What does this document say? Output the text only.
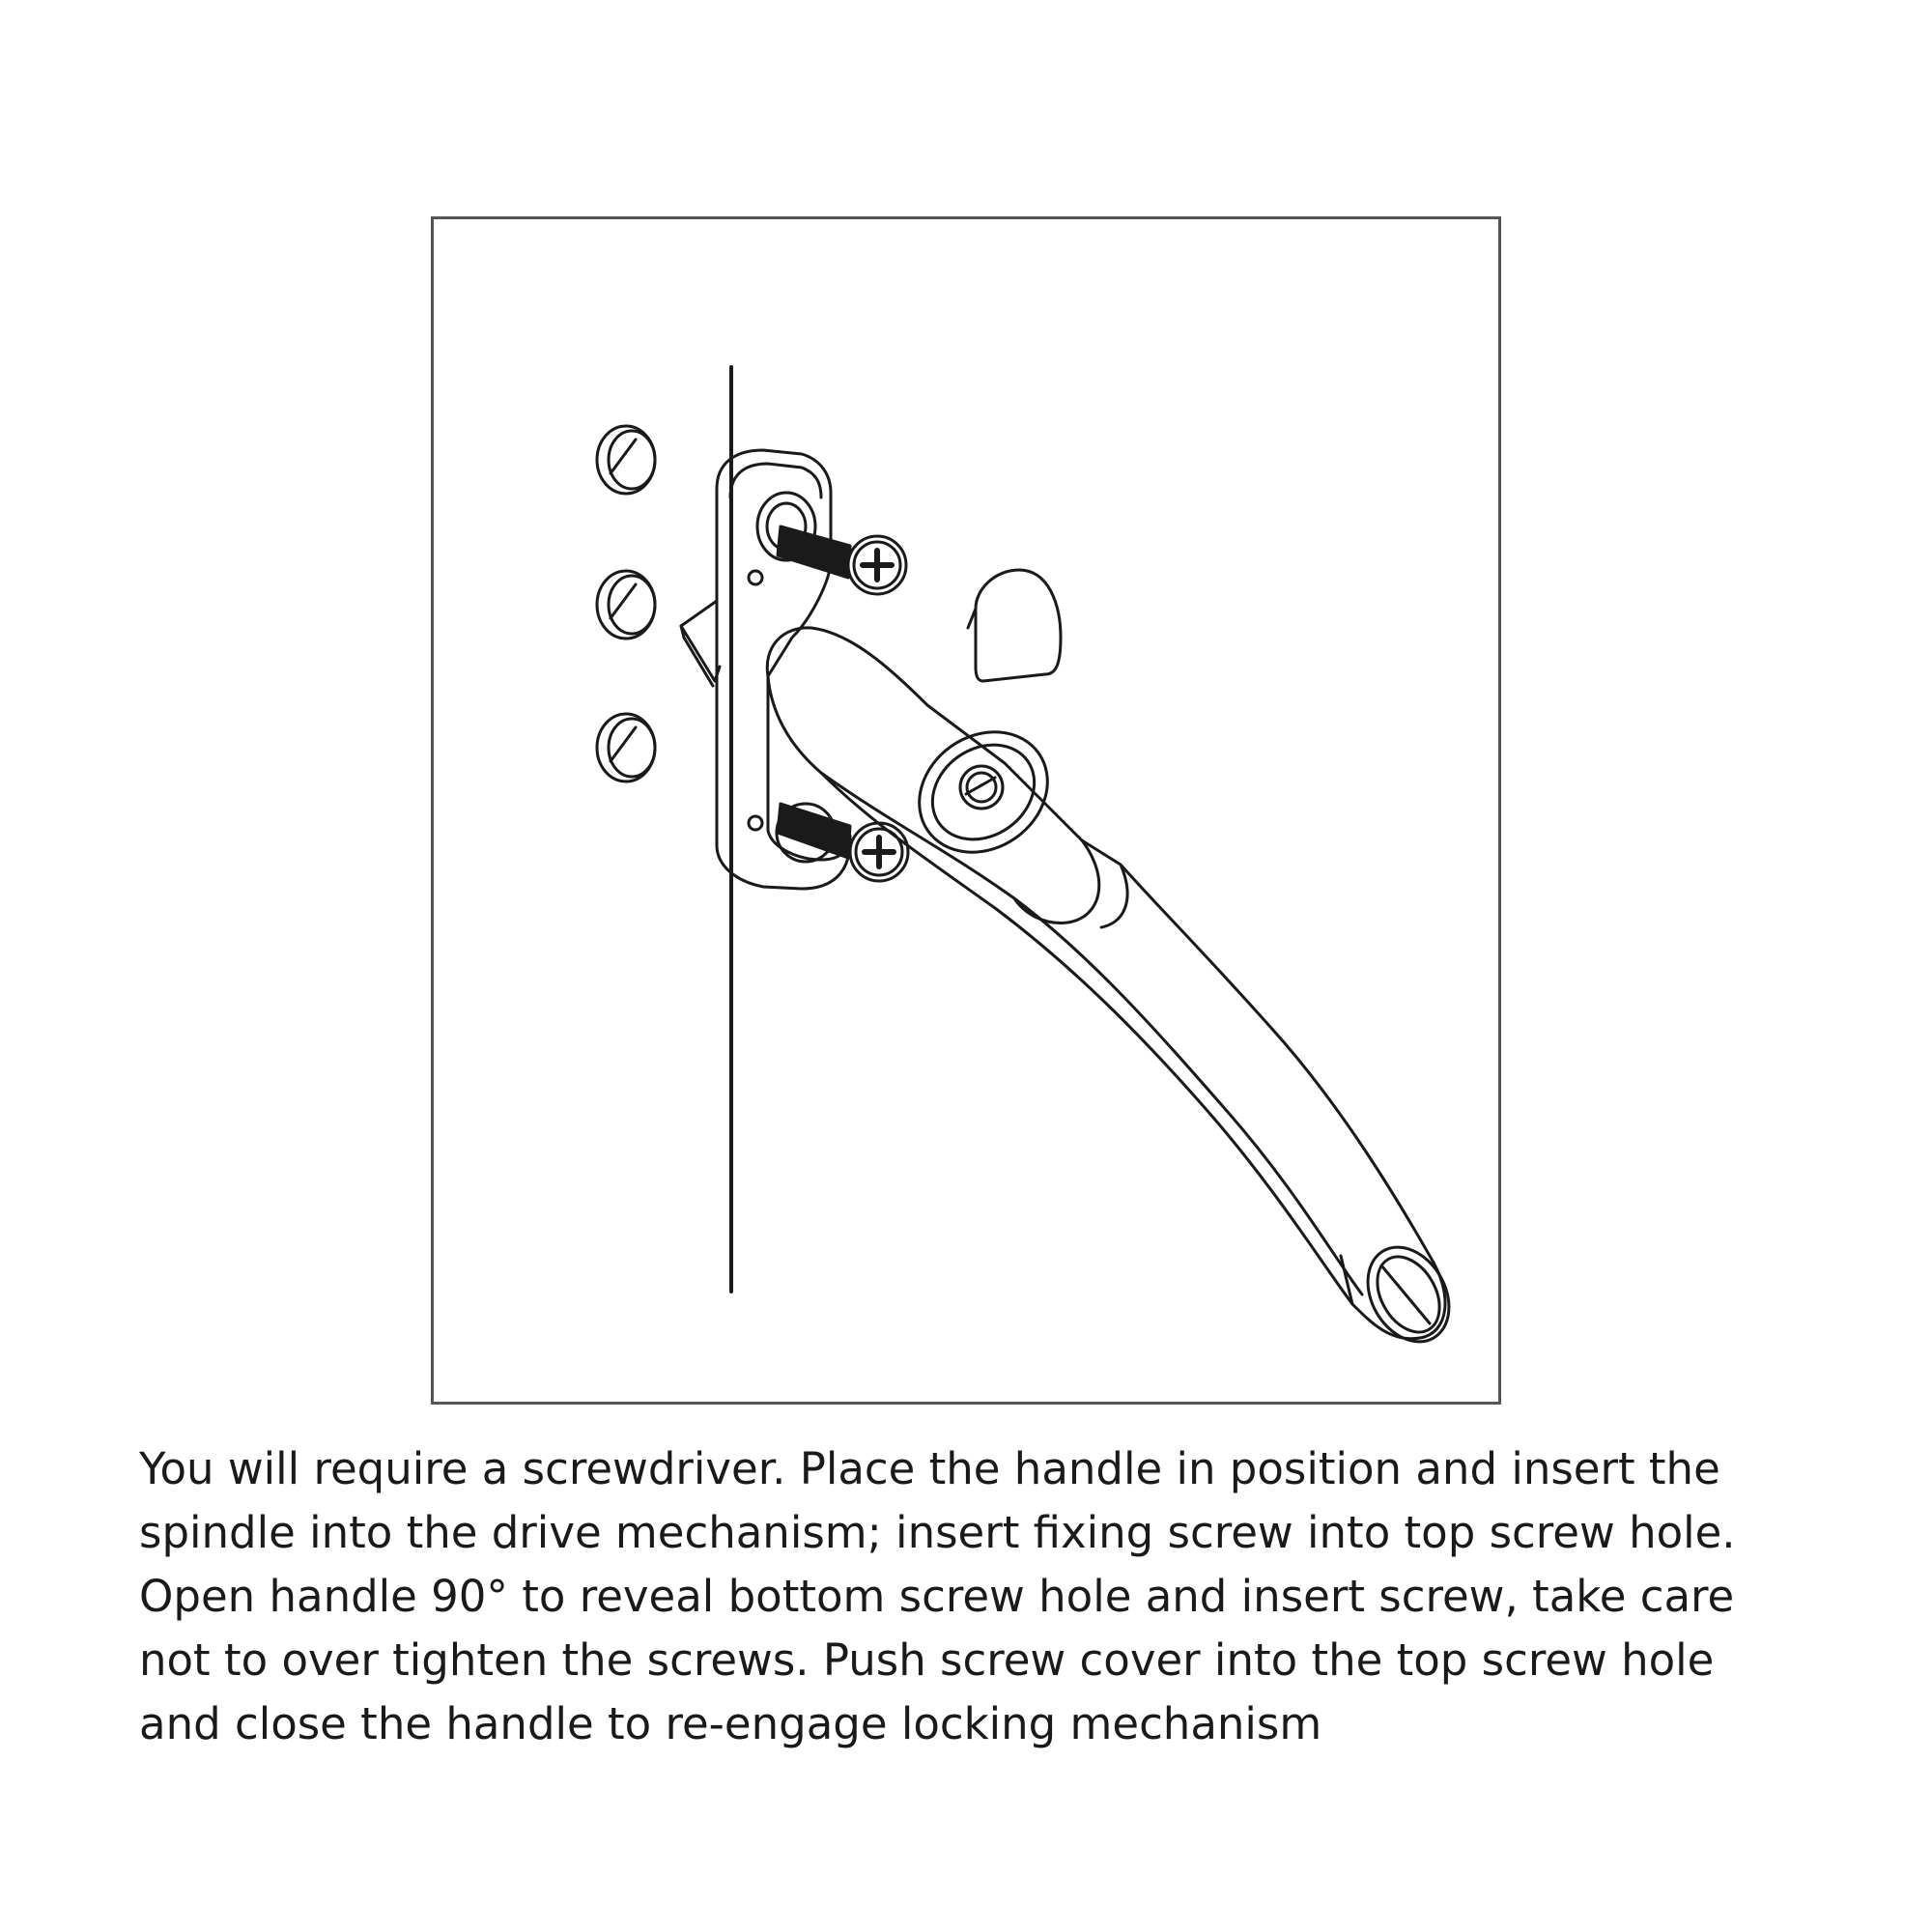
You will require a screwdriver. Place the handle in position and insert the
spindle into the drive mechanism; insert fixing screw into top screw hole.
Open handle 90° to reveal bottom screw hole and insert screw, take care
not to over tighten the screws. Push screw cover into the top screw hole
and close the handle to re-engage locking mechanism
